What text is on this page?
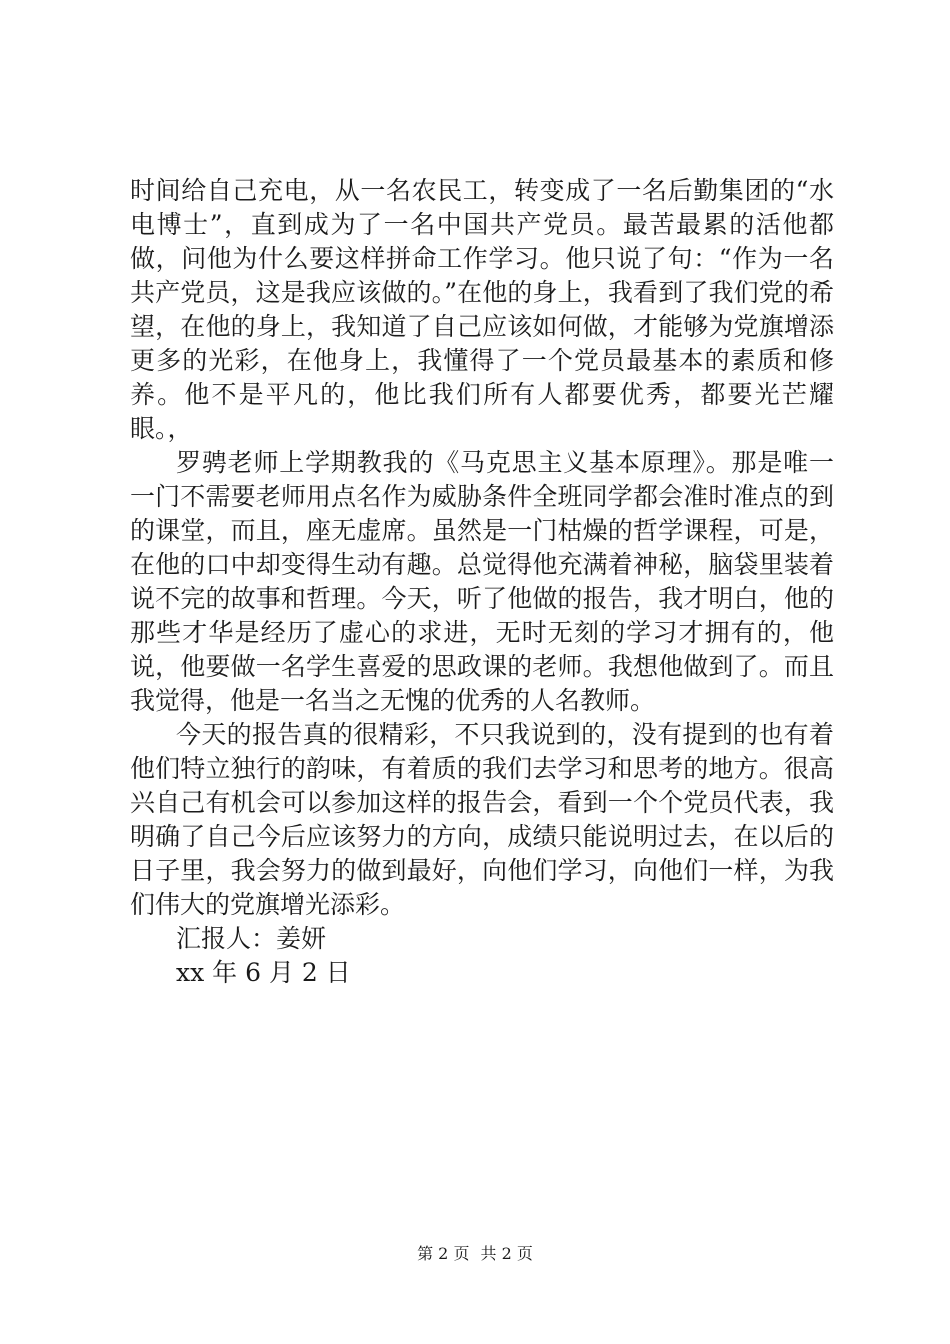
时间给自己充电，从一名农民工，转变成了一名后勤集团的“水电博士”，直到成为了一名中国共产党员。最苦最累的活他都做，问他为什么要这样拼命工作学习。他只说了句：“作为一名共产党员，这是我应该做的。”在他的身上，我看到了我们党的希望，在他的身上，我知道了自己应该如何做，才能够为党旗增添更多的光彩，在他身上，我懂得了一个党员最基本的素质和修养。他不是平凡的，他比我们所有人都要优秀，都要光芒耀眼。，

罗骋老师上学期教我的《马克思主义基本原理》。那是唯一一门不需要老师用点名作为威胁条件全班同学都会准时准点的到的课堂，而且，座无虚席。虽然是一门枯燥的哲学课程，可是，在他的口中却变得生动有趣。总觉得他充满着神秘，脑袋里装着说不完的故事和哲理。今天，听了他做的报告，我才明白，他的那些才华是经历了虚心的求进，无时无刻的学习才拥有的，他说，他要做一名学生喜爱的思政课的老师。我想他做到了。而且我觉得，他是一名当之无愧的优秀的人名教师。

今天的报告真的很精彩，不只我说到的，没有提到的也有着他们特立独行的韵味，有着质的我们去学习和思考的地方。很高兴自己有机会可以参加这样的报告会，看到一个个党员代表，我明确了自己今后应该努力的方向，成绩只能说明过去，在以后的日子里，我会努力的做到最好，向他们学习，向他们一样，为我们伟大的党旗增光添彩。

汇报人：姜妍

xx 年 6 月 2 日

第 2 页 共 2 页
